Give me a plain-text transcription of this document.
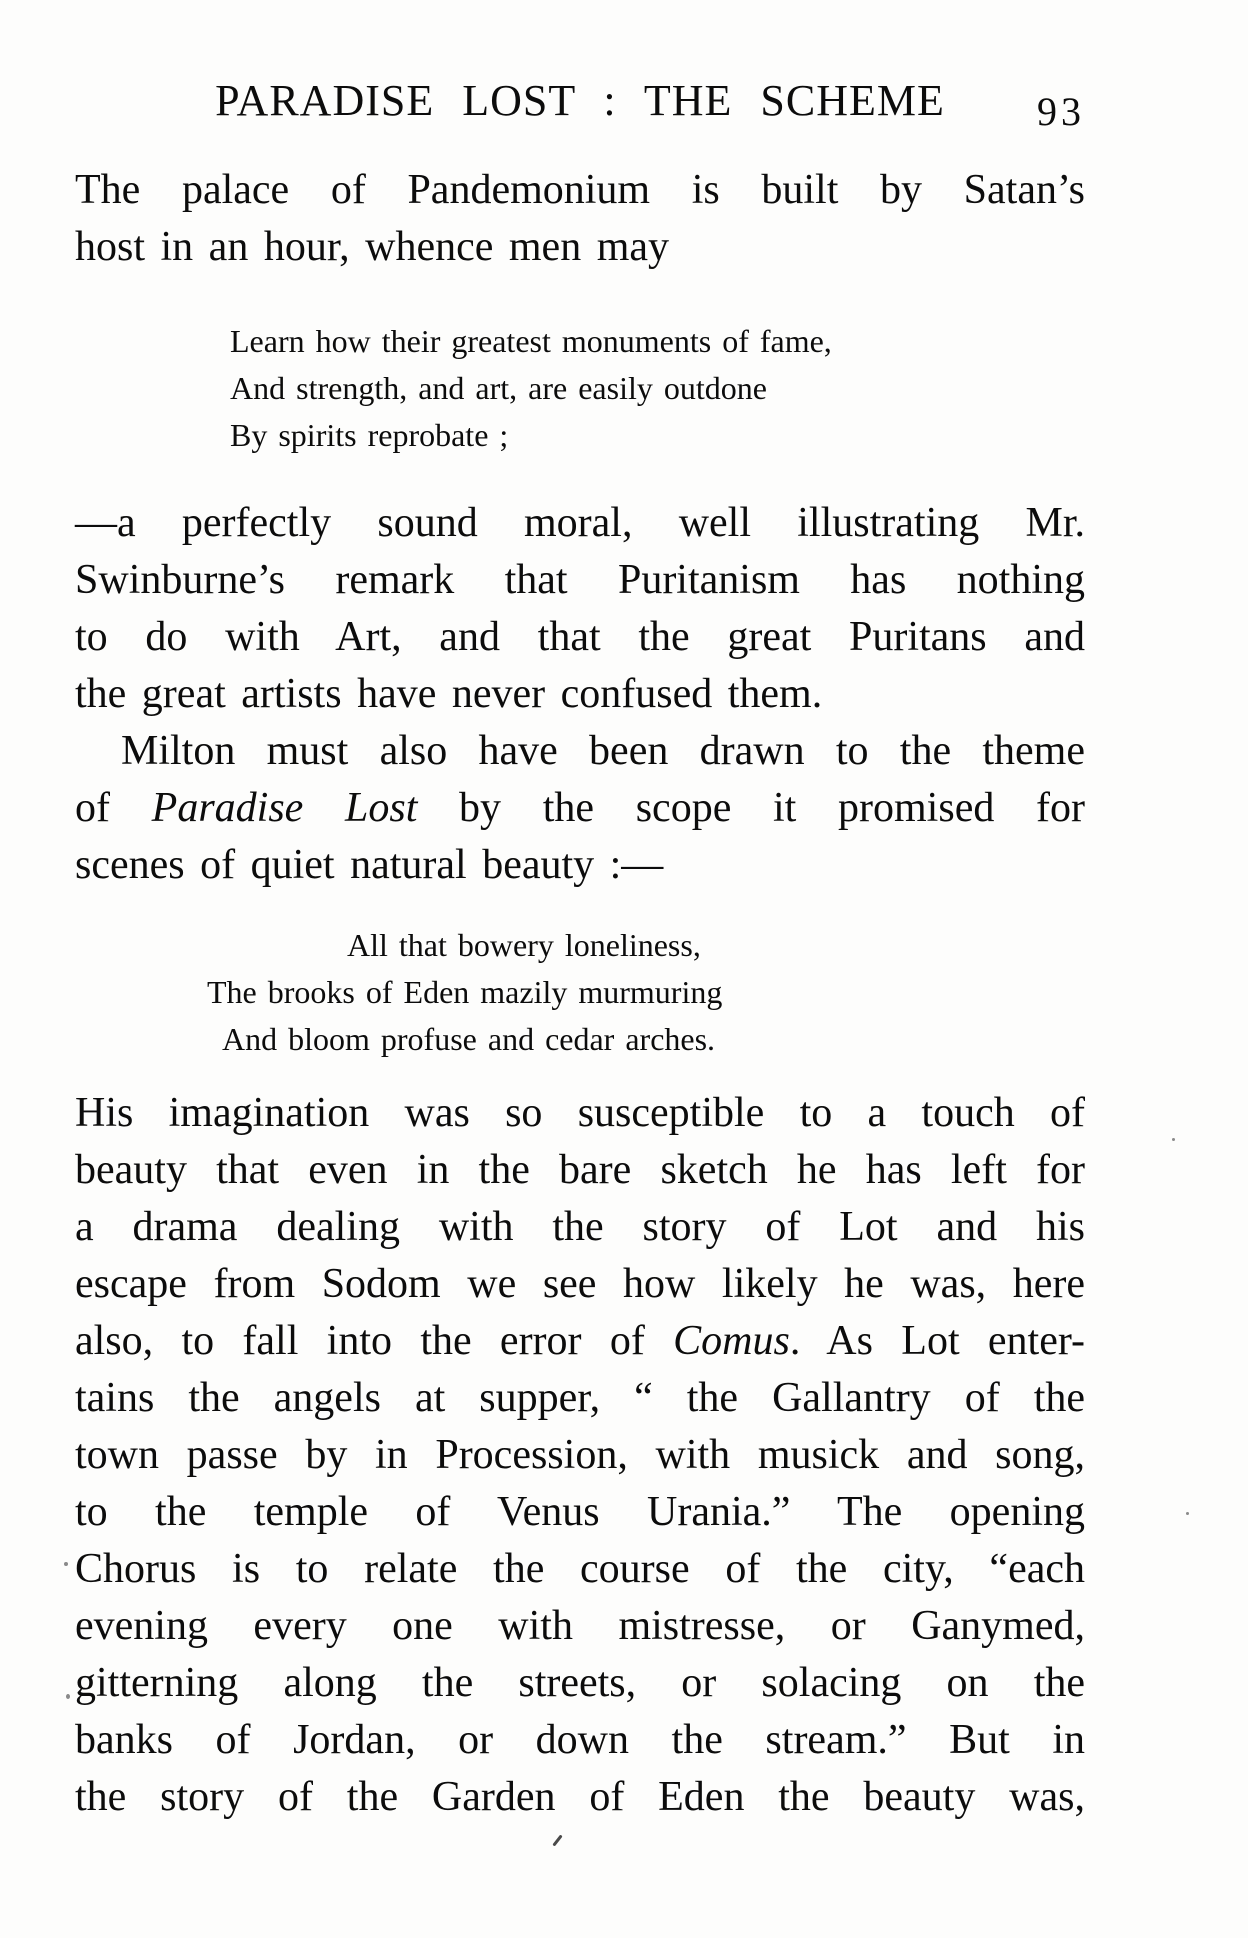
PARADISE LOST : THE SCHEME 93
The palace of Pandemonium is built by Satan’s
host in an hour, whence men may
Learn how their greatest monuments of fame,
And strength, and art, are easily outdone
By spirits reprobate ;
—a perfectly sound moral, well illustrating Mr.
Swinburne’s remark that Puritanism has nothing
to do with Art, and that the great Puritans and
the great artists have never confused them.
Milton must also have been drawn to the theme
of Paradise Lost by the scope it promised for
scenes of quiet natural beauty :—
All that bowery loneliness,
The brooks of Eden mazily murmuring
And bloom profuse and cedar arches.
His imagination was so susceptible to a touch of
beauty that even in the bare sketch he has left for
a drama dealing with the story of Lot and his
escape from Sodom we see how likely he was, here
also, to fall into the error of Comus. As Lot enter-
tains the angels at supper, “ the Gallantry of the
town passe by in Procession, with musick and song,
to the temple of Venus Urania.” The opening
Chorus is to relate the course of the city, “each
evening every one with mistresse, or Ganymed,
gitterning along the streets, or solacing on the
banks of Jordan, or down the stream.” But in
the story of the Garden of Eden the beauty was,
